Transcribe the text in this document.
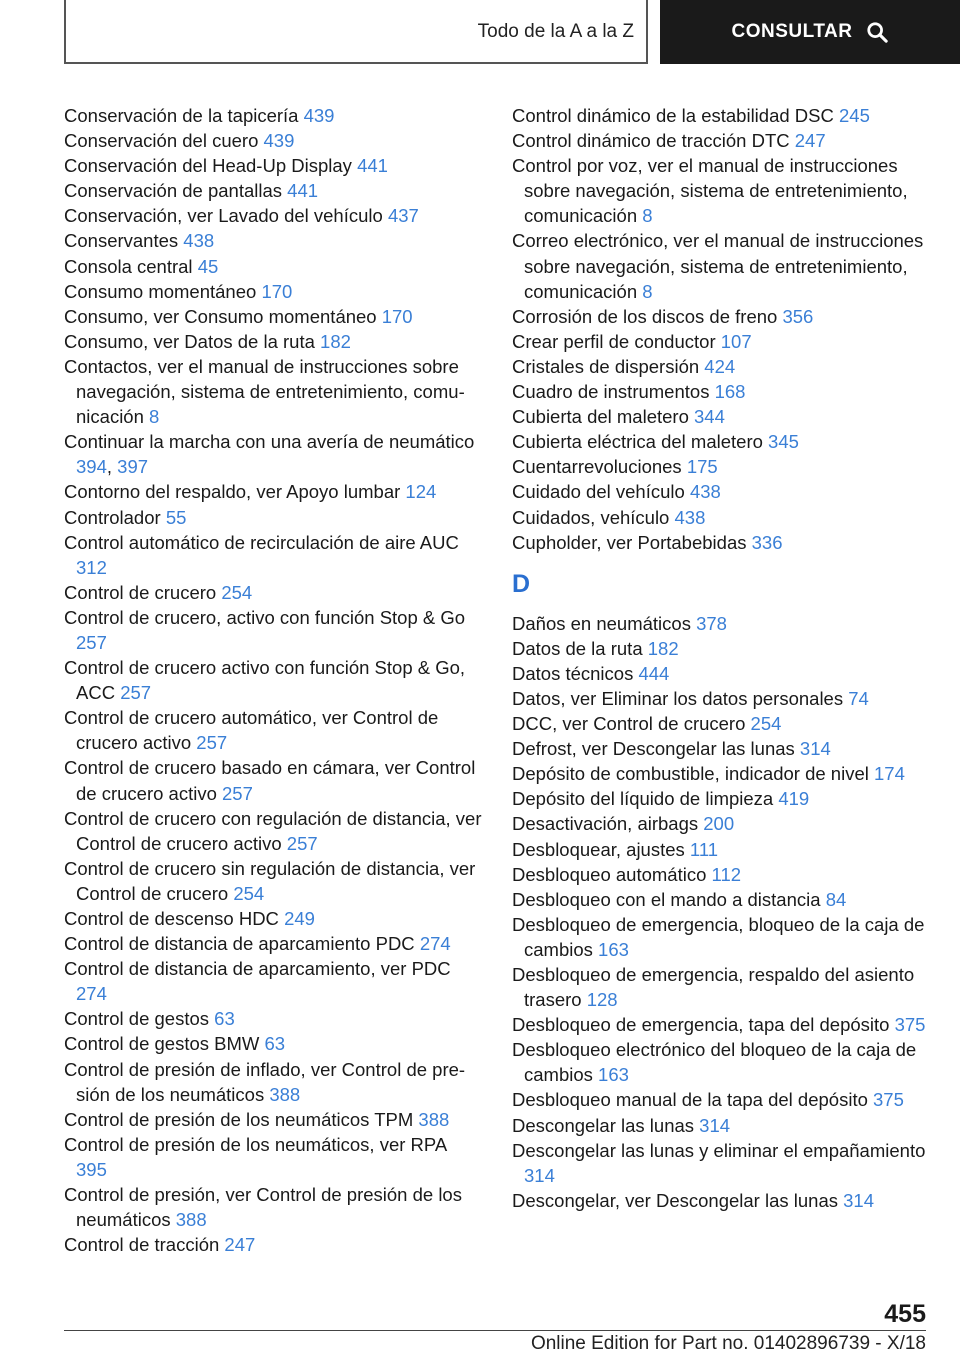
Todo de la A a la Z	CONSULTAR
Conservación de la tapicería 439
Conservación del cuero 439
Conservación del Head-Up Display 441
Conservación de pantallas 441
Conservación, ver Lavado del vehículo 437
Conservantes 438
Consola central 45
Consumo momentáneo 170
Consumo, ver Consumo momentáneo 170
Consumo, ver Datos de la ruta 182
Contactos, ver el manual de instrucciones sobre navegación, sistema de entretenimiento, comunicación 8
Continuar la marcha con una avería de neumático 394, 397
Contorno del respaldo, ver Apoyo lumbar 124
Controlador 55
Control automático de recirculación de aire AUC 312
Control de crucero 254
Control de crucero, activo con función Stop & Go 257
Control de crucero activo con función Stop & Go, ACC 257
Control de crucero automático, ver Control de crucero activo 257
Control de crucero basado en cámara, ver Control de crucero activo 257
Control de crucero con regulación de distancia, ver Control de crucero activo 257
Control de crucero sin regulación de distancia, ver Control de crucero 254
Control de descenso HDC 249
Control de distancia de aparcamiento PDC 274
Control de distancia de aparcamiento, ver PDC 274
Control de gestos 63
Control de gestos BMW 63
Control de presión de inflado, ver Control de presión de los neumáticos 388
Control de presión de los neumáticos TPM 388
Control de presión de los neumáticos, ver RPA 395
Control de presión, ver Control de presión de los neumáticos 388
Control de tracción 247
Control dinámico de la estabilidad DSC 245
Control dinámico de tracción DTC 247
Control por voz, ver el manual de instrucciones sobre navegación, sistema de entretenimiento, comunicación 8
Correo electrónico, ver el manual de instrucciones sobre navegación, sistema de entretenimiento, comunicación 8
Corrosión de los discos de freno 356
Crear perfil de conductor 107
Cristales de dispersión 424
Cuadro de instrumentos 168
Cubierta del maletero 344
Cubierta eléctrica del maletero 345
Cuentarrevoluciones 175
Cuidado del vehículo 438
Cuidados, vehículo 438
Cupholder, ver Portabebidas 336
D
Daños en neumáticos 378
Datos de la ruta 182
Datos técnicos 444
Datos, ver Eliminar los datos personales 74
DCC, ver Control de crucero 254
Defrost, ver Descongelar las lunas 314
Depósito de combustible, indicador de nivel 174
Depósito del líquido de limpieza 419
Desactivación, airbags 200
Desbloquear, ajustes 111
Desbloqueo automático 112
Desbloqueo con el mando a distancia 84
Desbloqueo de emergencia, bloqueo de la caja de cambios 163
Desbloqueo de emergencia, respaldo del asiento trasero 128
Desbloqueo de emergencia, tapa del depósito 375
Desbloqueo electrónico del bloqueo de la caja de cambios 163
Desbloqueo manual de la tapa del depósito 375
Descongelar las lunas 314
Descongelar las lunas y eliminar el empañamiento 314
Descongelar, ver Descongelar las lunas 314
455
Online Edition for Part no. 01402896739 - X/18
